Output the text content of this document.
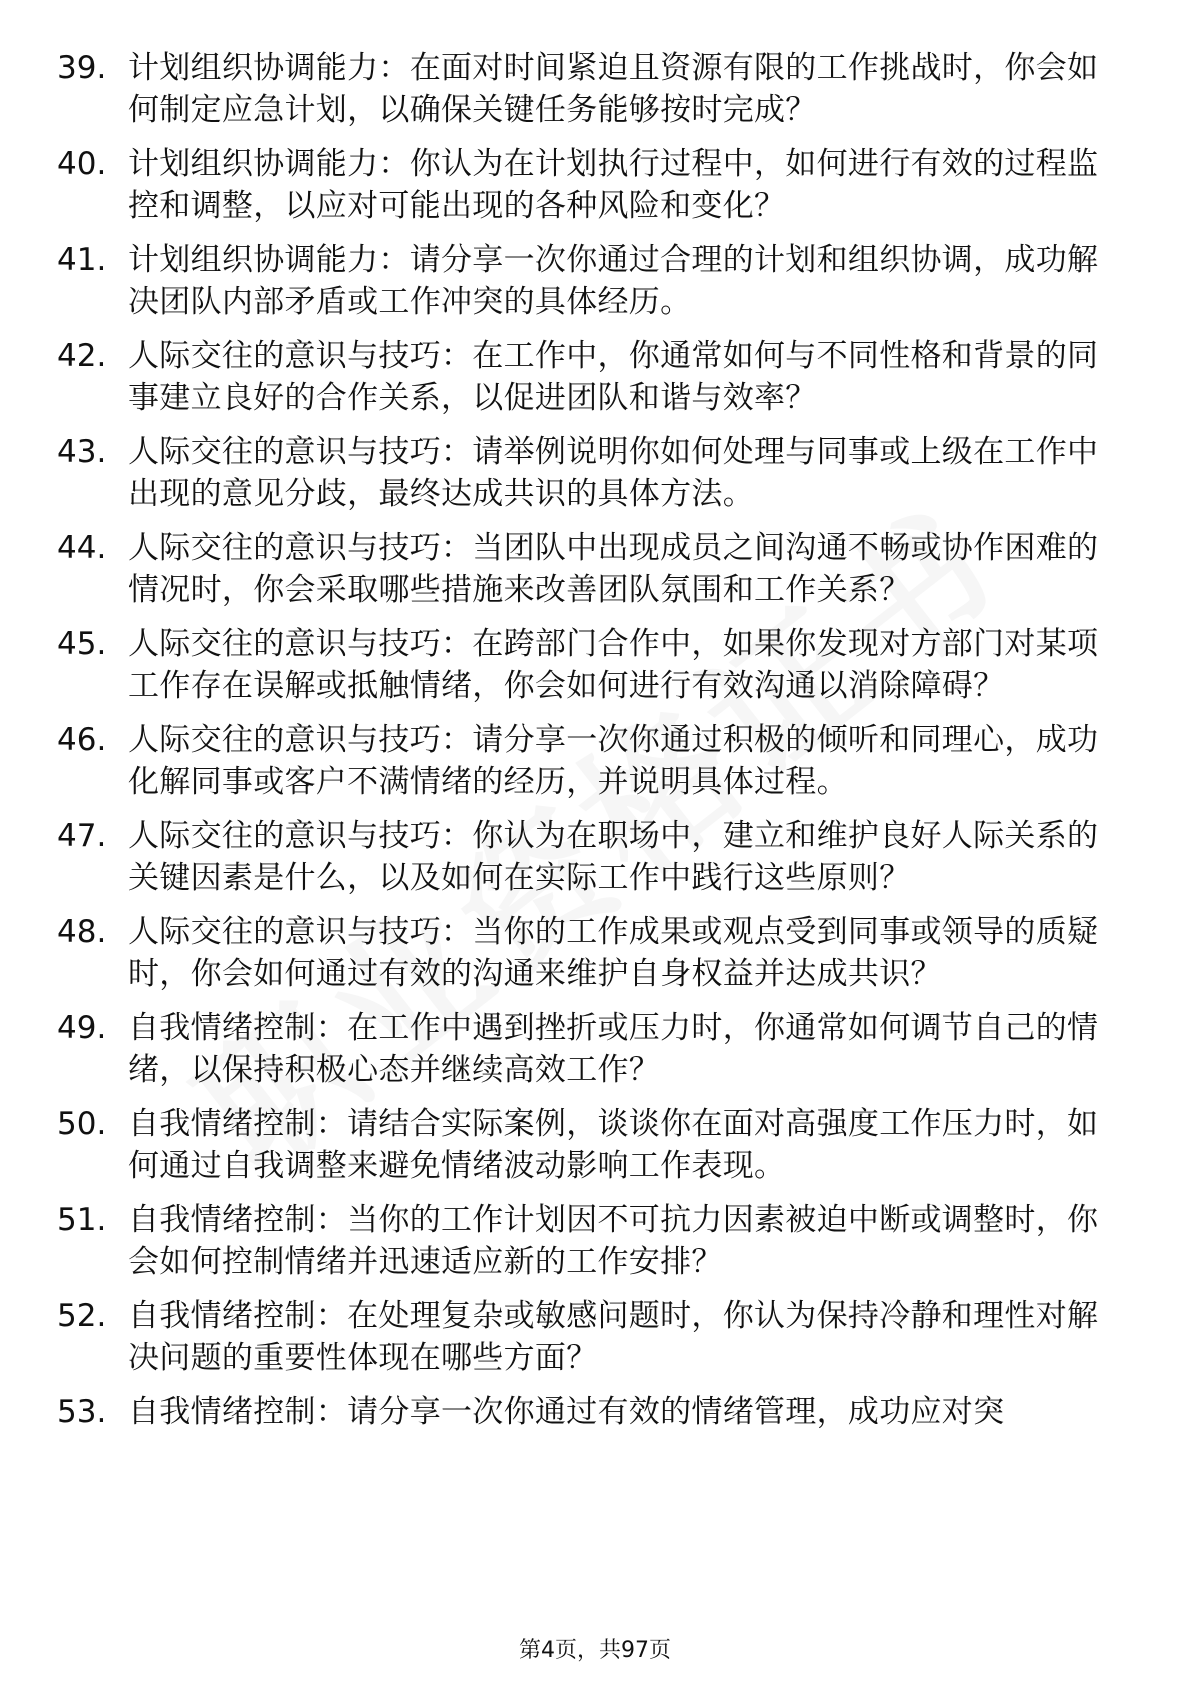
39. 计划组织协调能力：在面对时间紧迫且资源有限的工作挑战时，你会如何制定应急计划，以确保关键任务能够按时完成？
40. 计划组织协调能力：你认为在计划执行过程中，如何进行有效的过程监控和调整，以应对可能出现的各种风险和变化？
41. 计划组织协调能力：请分享一次你通过合理的计划和组织协调，成功解决团队内部矛盾或工作冲突的具体经历。
42. 人际交往的意识与技巧：在工作中，你通常如何与不同性格和背景的同事建立良好的合作关系，以促进团队和谐与效率？
43. 人际交往的意识与技巧：请举例说明你如何处理与同事或上级在工作中出现的意见分歧，最终达成共识的具体方法。
44. 人际交往的意识与技巧：当团队中出现成员之间沟通不畅或协作困难的情况时，你会采取哪些措施来改善团队氛围和工作关系？
45. 人际交往的意识与技巧：在跨部门合作中，如果你发现对方部门对某项工作存在误解或抵触情绪，你会如何进行有效沟通以消除障碍？
46. 人际交往的意识与技巧：请分享一次你通过积极的倾听和同理心，成功化解同事或客户不满情绪的经历，并说明具体过程。
47. 人际交往的意识与技巧：你认为在职场中，建立和维护良好人际关系的关键因素是什么，以及如何在实际工作中践行这些原则？
48. 人际交往的意识与技巧：当你的工作成果或观点受到同事或领导的质疑时，你会如何通过有效的沟通来维护自身权益并达成共识？
49. 自我情绪控制：在工作中遇到挫折或压力时，你通常如何调节自己的情绪，以保持积极心态并继续高效工作？
50. 自我情绪控制：请结合实际案例，谈谈你在面对高强度工作压力时，如何通过自我调整来避免情绪波动影响工作表现。
51. 自我情绪控制：当你的工作计划因不可抗力因素被迫中断或调整时，你会如何控制情绪并迅速适应新的工作安排？
52. 自我情绪控制：在处理复杂或敏感问题时，你认为保持冷静和理性对解决问题的重要性体现在哪些方面？
53. 自我情绪控制：请分享一次你通过有效的情绪管理，成功应对突
第4页，共97页
